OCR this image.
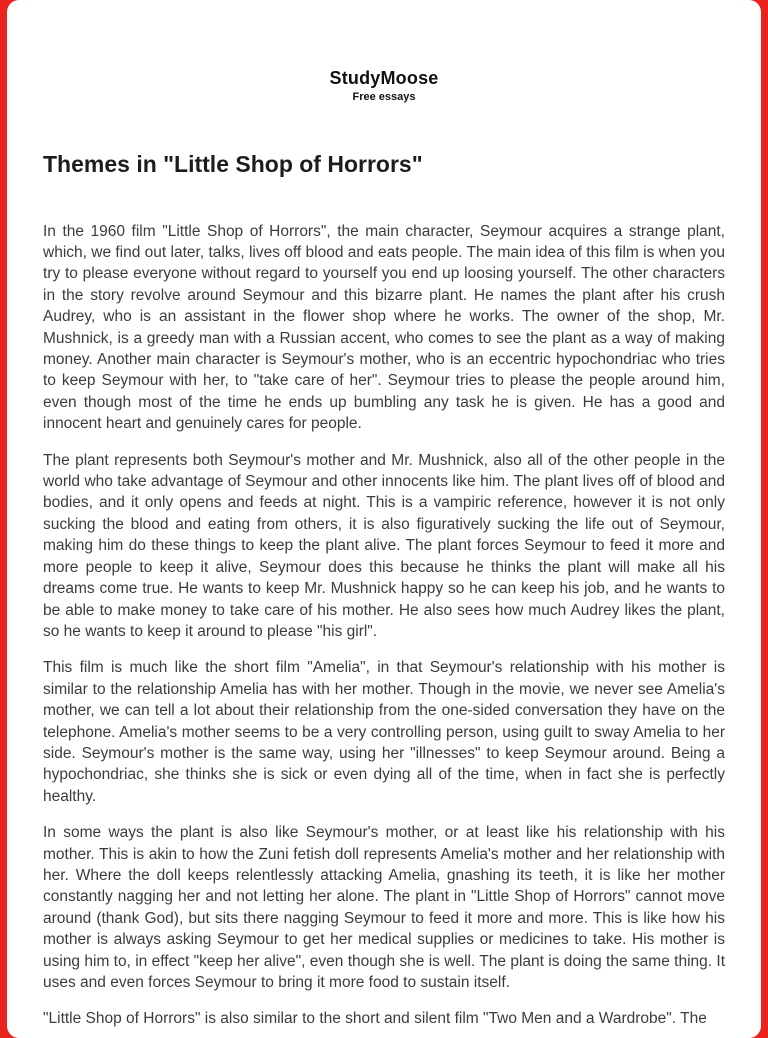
StudyMoose
Free essays
Themes in "Little Shop of Horrors"

In the 1960 film "Little Shop of Horrors", the main character, Seymour acquires a strange plant, which, we find out later, talks, lives off blood and eats people. The main idea of this film is when you try to please everyone without regard to yourself you end up loosing yourself. The other characters in the story revolve around Seymour and this bizarre plant. He names the plant after his crush Audrey, who is an assistant in the flower shop where he works. The owner of the shop, Mr. Mushnick, is a greedy man with a Russian accent, who comes to see the plant as a way of making money. Another main character is Seymour's mother, who is an eccentric hypochondriac who tries to keep Seymour with her, to "take care of her". Seymour tries to please the people around him, even though most of the time he ends up bumbling any task he is given. He has a good and innocent heart and genuinely cares for people.

The plant represents both Seymour's mother and Mr. Mushnick, also all of the other people in the world who take advantage of Seymour and other innocents like him. The plant lives off of blood and bodies, and it only opens and feeds at night. This is a vampiric reference, however it is not only sucking the blood and eating from others, it is also figuratively sucking the life out of Seymour, making him do these things to keep the plant alive. The plant forces Seymour to feed it more and more people to keep it alive, Seymour does this because he thinks the plant will make all his dreams come true. He wants to keep Mr. Mushnick happy so he can keep his job, and he wants to be able to make money to take care of his mother. He also sees how much Audrey likes the plant, so he wants to keep it around to please "his girl".

This film is much like the short film "Amelia", in that Seymour's relationship with his mother is similar to the relationship Amelia has with her mother. Though in the movie, we never see Amelia's mother, we can tell a lot about their relationship from the one-sided conversation they have on the telephone. Amelia's mother seems to be a very controlling person, using guilt to sway Amelia to her side. Seymour's mother is the same way, using her "illnesses" to keep Seymour around. Being a hypochondriac, she thinks she is sick or even dying all of the time, when in fact she is perfectly healthy.

In some ways the plant is also like Seymour's mother, or at least like his relationship with his mother. This is akin to how the Zuni fetish doll represents Amelia's mother and her relationship with her. Where the doll keeps relentlessly attacking Amelia, gnashing its teeth, it is like her mother constantly nagging her and not letting her alone. The plant in "Little Shop of Horrors" cannot move around (thank God), but sits there nagging Seymour to feed it more and more. This is like how his mother is always asking Seymour to get her medical supplies or medicines to take. His mother is using him to, in effect "keep her alive", even though she is well. The plant is doing the same thing. It uses and even forces Seymour to bring it more food to sustain itself.

"Little Shop of Horrors" is also similar to the short and silent film "Two Men and a Wardrobe". The
